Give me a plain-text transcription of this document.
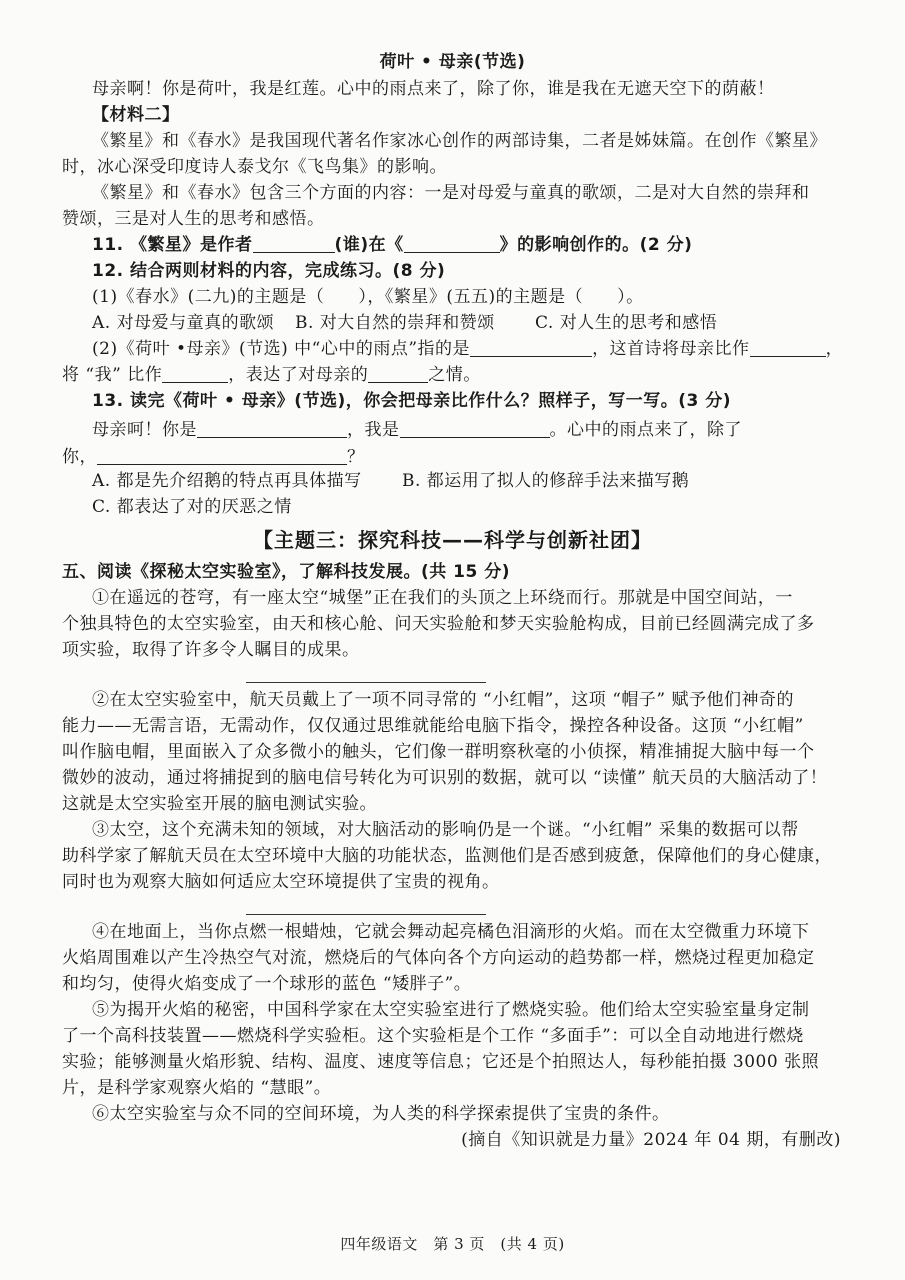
荷叶 • 母亲(节选)
母亲啊！你是荷叶，我是红莲。心中的雨点来了，除了你，谁是我在无遮天空下的荫蔽！
【材料二】
《繁星》和《春水》是我国现代著名作家冰心创作的两部诗集，二者是姊妹篇。在创作《繁星》
时，冰心深受印度诗人泰戈尔《飞鸟集》的影响。
《繁星》和《春水》包含三个方面的内容：一是对母爱与童真的歌颂，二是对大自然的崇拜和
赞颂，三是对人生的思考和感悟。
11. 《繁星》是作者	(谁)在《	》的影响创作的。(2 分)
12. 结合两则材料的内容，完成练习。(8 分)
(1)《春水》(二九)的主题是（ ），《繁星》(五五)的主题是（ ）。
A. 对母爱与童真的歌颂 B. 对大自然的崇拜和赞颂 C. 对人生的思考和感悟
(2)《荷叶 •母亲》(节选) 中“心中的雨点”指的是	，这首诗将母亲比作	，
将 “我” 比作	，表达了对母亲的	之情。
13. 读完《荷叶 • 母亲》(节选)，你会把母亲比作什么？照样子，写一写。(3 分)
母亲呵！你是	，我是	。心中的雨点来了，除了
你，	？
A. 都是先介绍鹅的特点再具体描写 B. 都运用了拟人的修辞手法来描写鹅
C. 都表达了对的厌恶之情
【主题三：探究科技——科学与创新社团】
五、阅读《探秘太空实验室》，了解科技发展。(共 15 分)
①在遥远的苍穹，有一座太空“城堡”正在我们的头顶之上环绕而行。那就是中国空间站，一
个独具特色的太空实验室，由天和核心舱、问天实验舱和梦天实验舱构成，目前已经圆满完成了多
项实验，取得了许多令人瞩目的成果。
②在太空实验室中，航天员戴上了一项不同寻常的 “小红帽”，这项 “帽子” 赋予他们神奇的
能力——无需言语，无需动作，仅仅通过思维就能给电脑下指令，操控各种设备。这顶 “小红帽”
叫作脑电帽，里面嵌入了众多微小的触头，它们像一群明察秋毫的小侦探，精准捕捉大脑中每一个
微妙的波动，通过将捕捉到的脑电信号转化为可识别的数据，就可以 “读懂” 航天员的大脑活动了！
这就是太空实验室开展的脑电测试实验。
③太空，这个充满未知的领域，对大脑活动的影响仍是一个谜。“小红帽” 采集的数据可以帮
助科学家了解航天员在太空环境中大脑的功能状态，监测他们是否感到疲惫，保障他们的身心健康，
同时也为观察大脑如何适应太空环境提供了宝贵的视角。
④在地面上，当你点燃一根蜡烛，它就会舞动起亮橘色泪滴形的火焰。而在太空微重力环境下
火焰周围难以产生冷热空气对流，燃烧后的气体向各个方向运动的趋势都一样，燃烧过程更加稳定
和均匀，使得火焰变成了一个球形的蓝色 “矮胖子”。
⑤为揭开火焰的秘密，中国科学家在太空实验室进行了燃烧实验。他们给太空实验室量身定制
了一个高科技装置——燃烧科学实验柜。这个实验柜是个工作 “多面手”：可以全自动地进行燃烧
实验；能够测量火焰形貌、结构、温度、速度等信息；它还是个拍照达人，每秒能拍摄 3000 张照
片，是科学家观察火焰的 “慧眼”。
⑥太空实验室与众不同的空间环境，为人类的科学探索提供了宝贵的条件。
(摘自《知识就是力量》2024 年 04 期，有删改)
四年级语文　第 3 页　(共 4 页)
